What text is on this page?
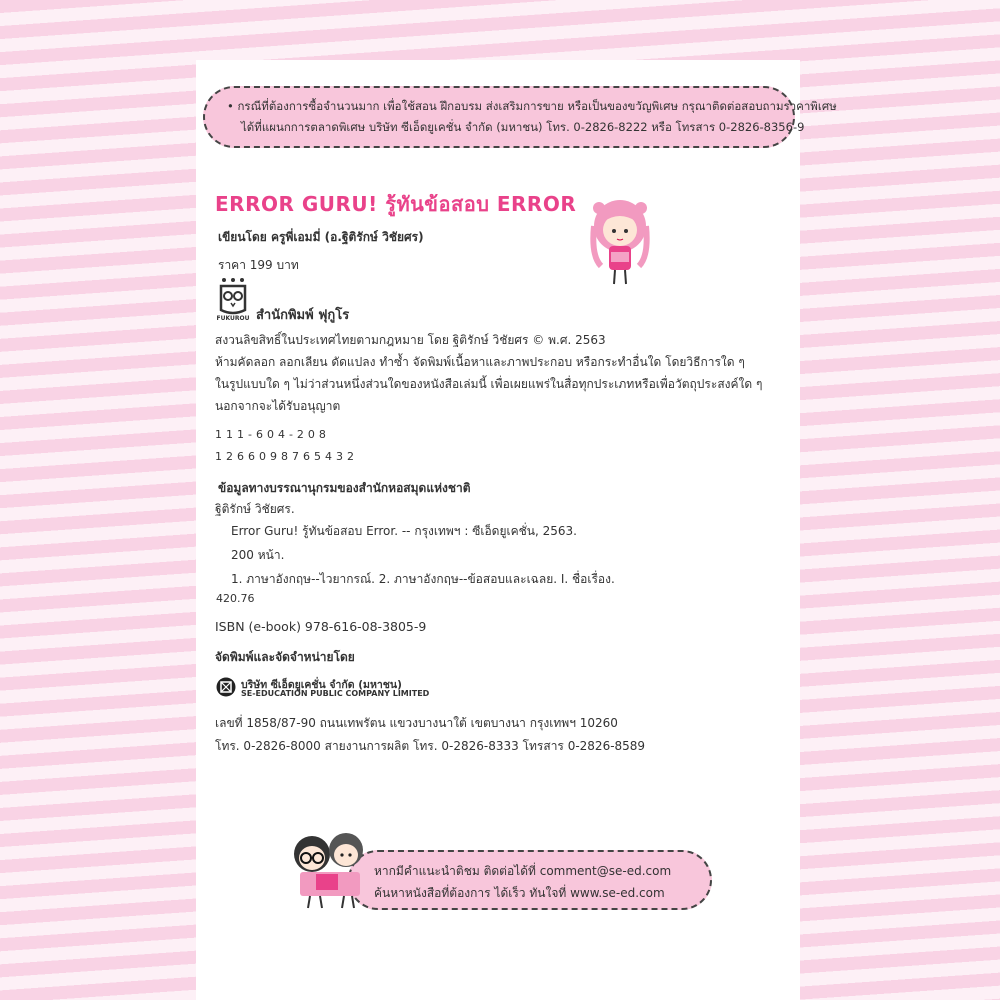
• กรณีที่ต้องการซื้อจำนวนมาก เพื่อใช้สอน ฝึกอบรม ส่งเสริมการขาย หรือเป็นของขวัญพิเศษ กรุณาติดต่อสอบถามราคาพิเศษ
ได้ที่แผนกการตลาดพิเศษ บริษัท ซีเอ็ดยูเคชั่น จำกัด (มหาชน) โทร. 0-2826-8222 หรือ โทรสาร 0-2826-8356-9
ERROR GURU! รู้ทันข้อสอบ ERROR
เขียนโดย ครูพี่เอมมี่ (อ.ฐิติรักษ์ วิชัยศร)
ราคา 199 บาท
FUKUROU สำนักพิมพ์ ฟุกูโร
สงวนลิขสิทธิ์ในประเทศไทยตามกฎหมาย โดย ฐิติรักษ์ วิชัยศร © พ.ศ. 2563
ห้ามคัดลอก ลอกเลียน ดัดแปลง ทำซ้ำ จัดพิมพ์เนื้อหาและภาพประกอบ หรือกระทำอื่นใด โดยวิธีการใด ๆ
ในรูปแบบใด ๆ ไม่ว่าส่วนหนึ่งส่วนใดของหนังสือเล่มนี้ เพื่อเผยแพร่ในสื่อทุกประเภทหรือเพื่อวัตถุประสงค์ใด ๆ
นอกจากจะได้รับอนุญาต
111-604-208
1266098765432
ข้อมูลทางบรรณานุกรมของสำนักหอสมุดแห่งชาติ
ฐิติรักษ์ วิชัยศร.
Error Guru! รู้ทันข้อสอบ Error. -- กรุงเทพฯ : ซีเอ็ดยูเคชั่น, 2563.
200 หน้า.
1. ภาษาอังกฤษ--ไวยากรณ์. 2. ภาษาอังกฤษ--ข้อสอบและเฉลย. I. ชื่อเรื่อง.
420.76
ISBN (e-book) 978-616-08-3805-9
จัดพิมพ์และจัดจำหน่ายโดย
บริษัท ซีเอ็ดยูเคชั่น จำกัด (มหาชน)
SE-EDUCATION PUBLIC COMPANY LIMITED
เลขที่ 1858/87-90 ถนนเทพรัตน แขวงบางนาใต้ เขตบางนา กรุงเทพฯ 10260
โทร. 0-2826-8000 สายงานการผลิต โทร. 0-2826-8333 โทรสาร 0-2826-8589
หากมีคำแนะนำติชม ติดต่อได้ที่ comment@se-ed.com
ค้นหาหนังสือที่ต้องการ ได้เร็ว ทันใจที่ www.se-ed.com
